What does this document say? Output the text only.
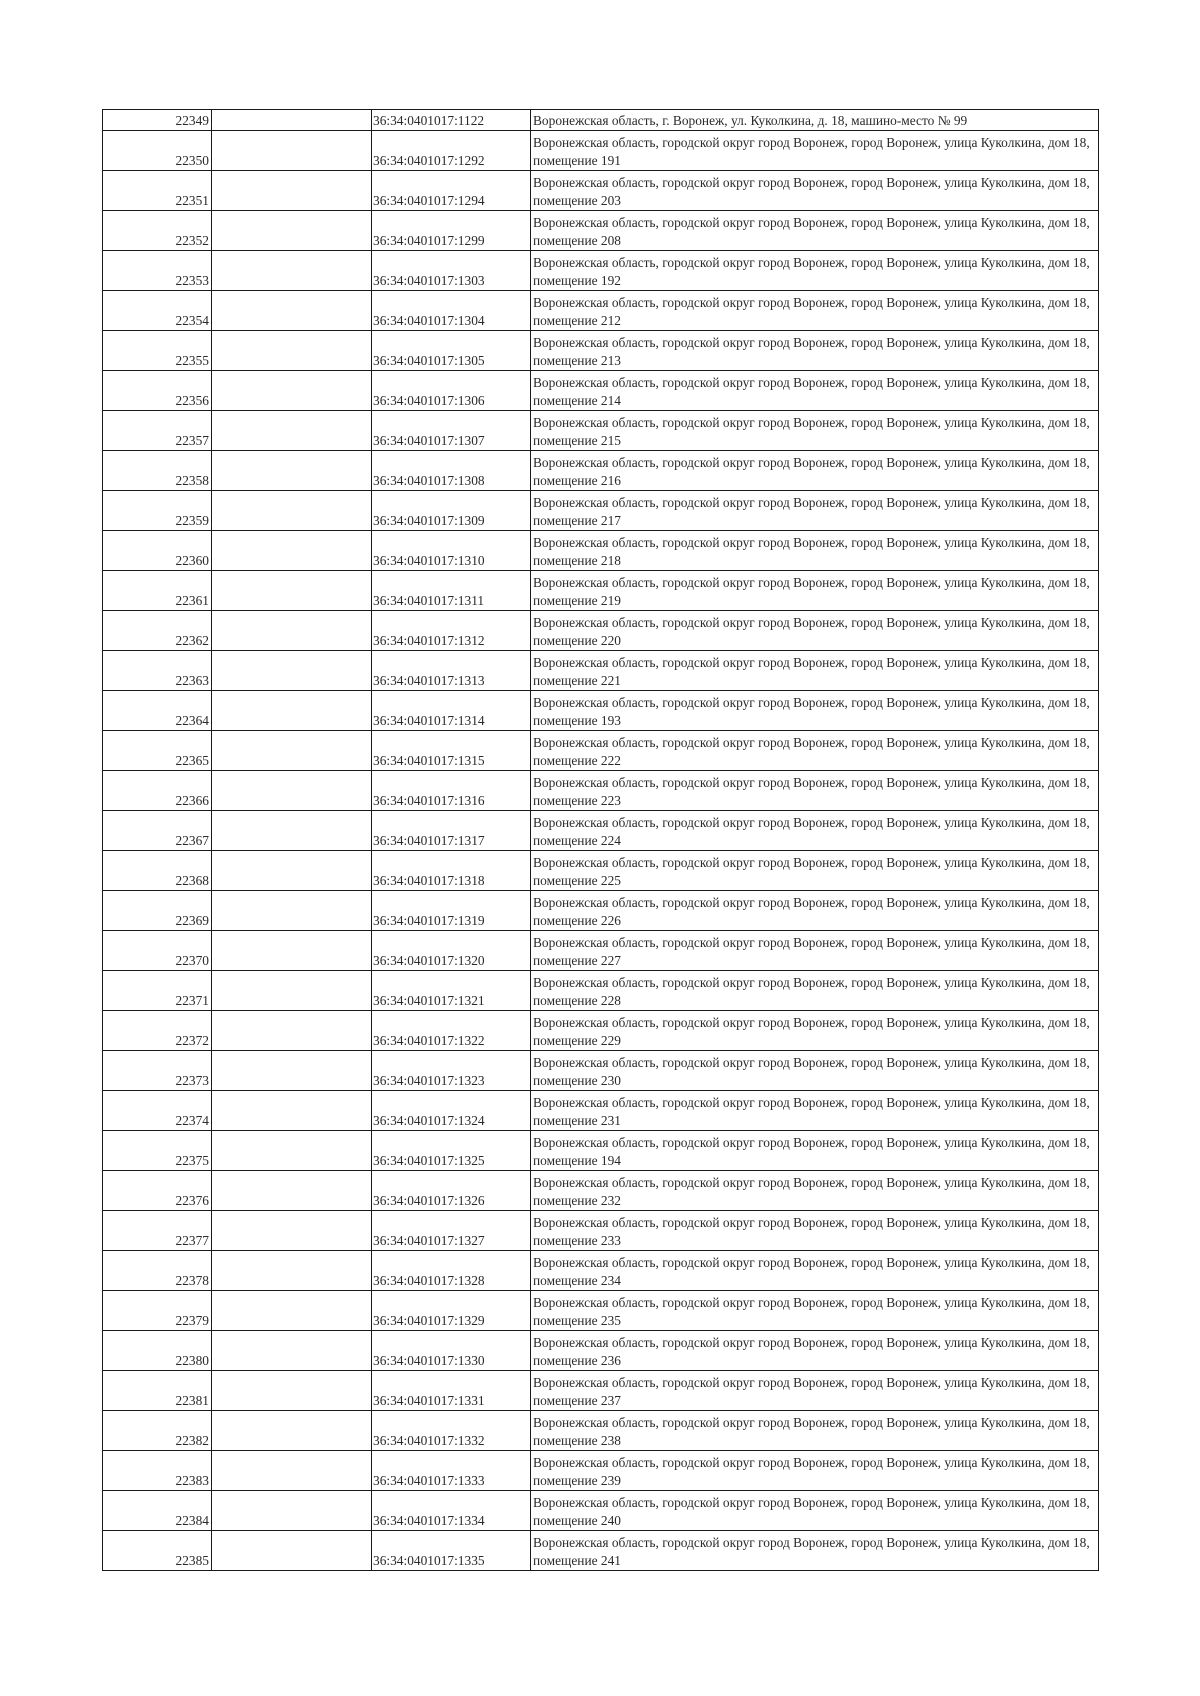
22349		36:34:0401017:1122	Воронежская область, г. Воронеж, ул. Куколкина, д. 18, машино-место № 99
22350		36:34:0401017:1292	Воронежская область, городской округ город Воронеж, город Воронеж, улица Куколкина, дом 18, помещение 191
22351		36:34:0401017:1294	Воронежская область, городской округ город Воронеж, город Воронеж, улица Куколкина, дом 18, помещение 203
22352		36:34:0401017:1299	Воронежская область, городской округ город Воронеж, город Воронеж, улица Куколкина, дом 18, помещение 208
22353		36:34:0401017:1303	Воронежская область, городской округ город Воронеж, город Воронеж, улица Куколкина, дом 18, помещение 192
22354		36:34:0401017:1304	Воронежская область, городской округ город Воронеж, город Воронеж, улица Куколкина, дом 18, помещение 212
22355		36:34:0401017:1305	Воронежская область, городской округ город Воронеж, город Воронеж, улица Куколкина, дом 18, помещение 213
22356		36:34:0401017:1306	Воронежская область, городской округ город Воронеж, город Воронеж, улица Куколкина, дом 18, помещение 214
22357		36:34:0401017:1307	Воронежская область, городской округ город Воронеж, город Воронеж, улица Куколкина, дом 18, помещение 215
22358		36:34:0401017:1308	Воронежская область, городской округ город Воронеж, город Воронеж, улица Куколкина, дом 18, помещение 216
22359		36:34:0401017:1309	Воронежская область, городской округ город Воронеж, город Воронеж, улица Куколкина, дом 18, помещение 217
22360		36:34:0401017:1310	Воронежская область, городской округ город Воронеж, город Воронеж, улица Куколкина, дом 18, помещение 218
22361		36:34:0401017:1311	Воронежская область, городской округ город Воронеж, город Воронеж, улица Куколкина, дом 18, помещение 219
22362		36:34:0401017:1312	Воронежская область, городской округ город Воронеж, город Воронеж, улица Куколкина, дом 18, помещение 220
22363		36:34:0401017:1313	Воронежская область, городской округ город Воронеж, город Воронеж, улица Куколкина, дом 18, помещение 221
22364		36:34:0401017:1314	Воронежская область, городской округ город Воронеж, город Воронеж, улица Куколкина, дом 18, помещение 193
22365		36:34:0401017:1315	Воронежская область, городской округ город Воронеж, город Воронеж, улица Куколкина, дом 18, помещение 222
22366		36:34:0401017:1316	Воронежская область, городской округ город Воронеж, город Воронеж, улица Куколкина, дом 18, помещение 223
22367		36:34:0401017:1317	Воронежская область, городской округ город Воронеж, город Воронеж, улица Куколкина, дом 18, помещение 224
22368		36:34:0401017:1318	Воронежская область, городской округ город Воронеж, город Воронеж, улица Куколкина, дом 18, помещение 225
22369		36:34:0401017:1319	Воронежская область, городской округ город Воронеж, город Воронеж, улица Куколкина, дом 18, помещение 226
22370		36:34:0401017:1320	Воронежская область, городской округ город Воронеж, город Воронеж, улица Куколкина, дом 18, помещение 227
22371		36:34:0401017:1321	Воронежская область, городской округ город Воронеж, город Воронеж, улица Куколкина, дом 18, помещение 228
22372		36:34:0401017:1322	Воронежская область, городской округ город Воронеж, город Воронеж, улица Куколкина, дом 18, помещение 229
22373		36:34:0401017:1323	Воронежская область, городской округ город Воронеж, город Воронеж, улица Куколкина, дом 18, помещение 230
22374		36:34:0401017:1324	Воронежская область, городской округ город Воронеж, город Воронеж, улица Куколкина, дом 18, помещение 231
22375		36:34:0401017:1325	Воронежская область, городской округ город Воронеж, город Воронеж, улица Куколкина, дом 18, помещение 194
22376		36:34:0401017:1326	Воронежская область, городской округ город Воронеж, город Воронеж, улица Куколкина, дом 18, помещение 232
22377		36:34:0401017:1327	Воронежская область, городской округ город Воронеж, город Воронеж, улица Куколкина, дом 18, помещение 233
22378		36:34:0401017:1328	Воронежская область, городской округ город Воронеж, город Воронеж, улица Куколкина, дом 18, помещение 234
22379		36:34:0401017:1329	Воронежская область, городской округ город Воронеж, город Воронеж, улица Куколкина, дом 18, помещение 235
22380		36:34:0401017:1330	Воронежская область, городской округ город Воронеж, город Воронеж, улица Куколкина, дом 18, помещение 236
22381		36:34:0401017:1331	Воронежская область, городской округ город Воронеж, город Воронеж, улица Куколкина, дом 18, помещение 237
22382		36:34:0401017:1332	Воронежская область, городской округ город Воронеж, город Воронеж, улица Куколкина, дом 18, помещение 238
22383		36:34:0401017:1333	Воронежская область, городской округ город Воронеж, город Воронеж, улица Куколкина, дом 18, помещение 239
22384		36:34:0401017:1334	Воронежская область, городской округ город Воронеж, город Воронеж, улица Куколкина, дом 18, помещение 240
22385		36:34:0401017:1335	Воронежская область, городской округ город Воронеж, город Воронеж, улица Куколкина, дом 18, помещение 241
